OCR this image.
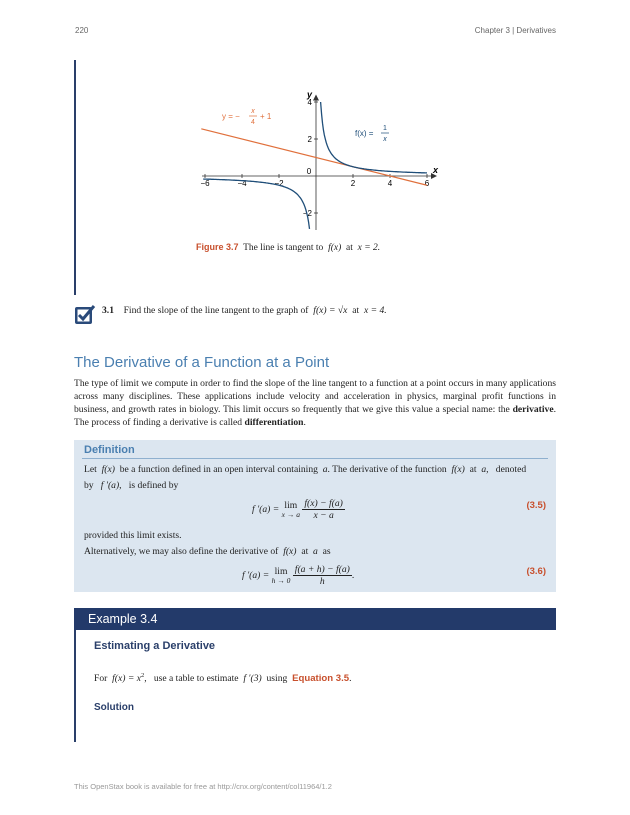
220	Chapter 3 | Derivatives
x
y
−6	−4	−2
0
2	4	6
−2
2
4
y = −
x
4
+ 1
f(x) =
1
x
Figure 3.7 The line is tangent to f(x) at x = 2.
3.1 Find the slope of the line tangent to the graph of f(x) = √x at x = 4.
The Derivative of a Function at a Point
The type of limit we compute in order to find the slope of the line tangent to a function at a point occurs in many applications across many disciplines. These applications include velocity and acceleration in physics, marginal profit functions in business, and growth rates in biology. This limit occurs so frequently that we give this value a special name: the derivative. The process of finding a derivative is called differentiation.
Definition
Let f(x) be a function defined in an open interval containing a. The derivative of the function f(x) at a, denoted
by f ′(a), is defined by
f ′(a) = lim
x → a
$\frac{f(x) - f(a)}{x - a}$	(3.5)
provided this limit exists.
Alternatively, we may also define the derivative of f(x) at a as
f ′(a) = lim
h → 0
$\frac{f(a + h) - f(a)}{h}$ .	(3.6)
Example 3.4
Estimating a Derivative
For $f(x) = x^2$, use a table to estimate f ′(3) using Equation 3.5.
Solution
This OpenStax book is available for free at http://cnx.org/content/col11964/1.2
